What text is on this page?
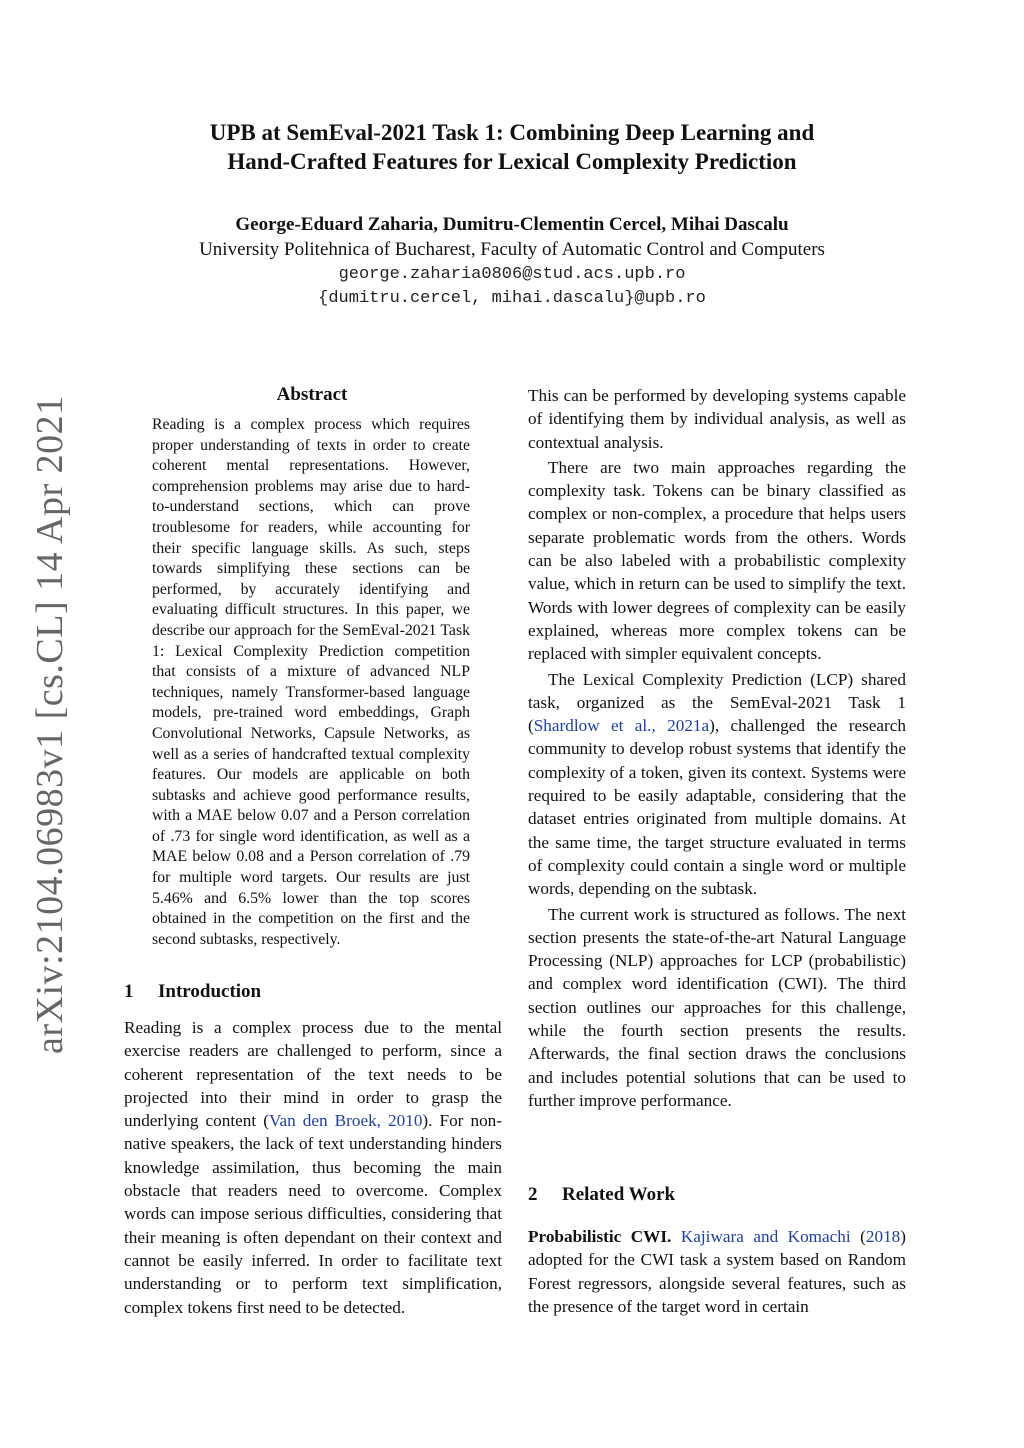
UPB at SemEval-2021 Task 1: Combining Deep Learning and
Hand-Crafted Features for Lexical Complexity Prediction
George-Eduard Zaharia, Dumitru-Clementin Cercel, Mihai Dascalu
University Politehnica of Bucharest, Faculty of Automatic Control and Computers
george.zaharia0806@stud.acs.upb.ro
{dumitru.cercel, mihai.dascalu}@upb.ro
arXiv:2104.06983v1 [cs.CL] 14 Apr 2021
Abstract
Reading is a complex process which requires proper understanding of texts in order to create coherent mental representations. However, comprehension problems may arise due to hard-to-understand sections, which can prove troublesome for readers, while accounting for their specific language skills. As such, steps towards simplifying these sections can be performed, by accurately identifying and evaluating difficult structures. In this paper, we describe our approach for the SemEval-2021 Task 1: Lexical Complexity Prediction competition that consists of a mixture of advanced NLP techniques, namely Transformer-based language models, pre-trained word embeddings, Graph Convolutional Networks, Capsule Networks, as well as a series of handcrafted textual complexity features. Our models are applicable on both subtasks and achieve good performance results, with a MAE below 0.07 and a Person correlation of .73 for single word identification, as well as a MAE below 0.08 and a Person correlation of .79 for multiple word targets. Our results are just 5.46% and 6.5% lower than the top scores obtained in the competition on the first and the second subtasks, respectively.
1 Introduction

Reading is a complex process due to the mental exercise readers are challenged to perform, since a coherent representation of the text needs to be projected into their mind in order to grasp the underlying content (Van den Broek, 2010). For non-native speakers, the lack of text understanding hinders knowledge assimilation, thus becoming the main obstacle that readers need to overcome. Complex words can impose serious difficulties, considering that their meaning is often dependant on their context and cannot be easily inferred. In order to facilitate text understanding or to perform text simplification, complex tokens first need to be detected.

This can be performed by developing systems capable of identifying them by individual analysis, as well as contextual analysis.

There are two main approaches regarding the complexity task. Tokens can be binary classified as complex or non-complex, a procedure that helps users separate problematic words from the others. Words can be also labeled with a probabilistic complexity value, which in return can be used to simplify the text. Words with lower degrees of complexity can be easily explained, whereas more complex tokens can be replaced with simpler equivalent concepts.

The Lexical Complexity Prediction (LCP) shared task, organized as the SemEval-2021 Task 1 (Shardlow et al., 2021a), challenged the research community to develop robust systems that identify the complexity of a token, given its context. Systems were required to be easily adaptable, considering that the dataset entries originated from multiple domains. At the same time, the target structure evaluated in terms of complexity could contain a single word or multiple words, depending on the subtask.

The current work is structured as follows. The next section presents the state-of-the-art Natural Language Processing (NLP) approaches for LCP (probabilistic) and complex word identification (CWI). The third section outlines our approaches for this challenge, while the fourth section presents the results. Afterwards, the final section draws the conclusions and includes potential solutions that can be used to further improve performance.

2 Related Work

Probabilistic CWI. Kajiwara and Komachi (2018) adopted for the CWI task a system based on Random Forest regressors, alongside several features, such as the presence of the target word in certain
